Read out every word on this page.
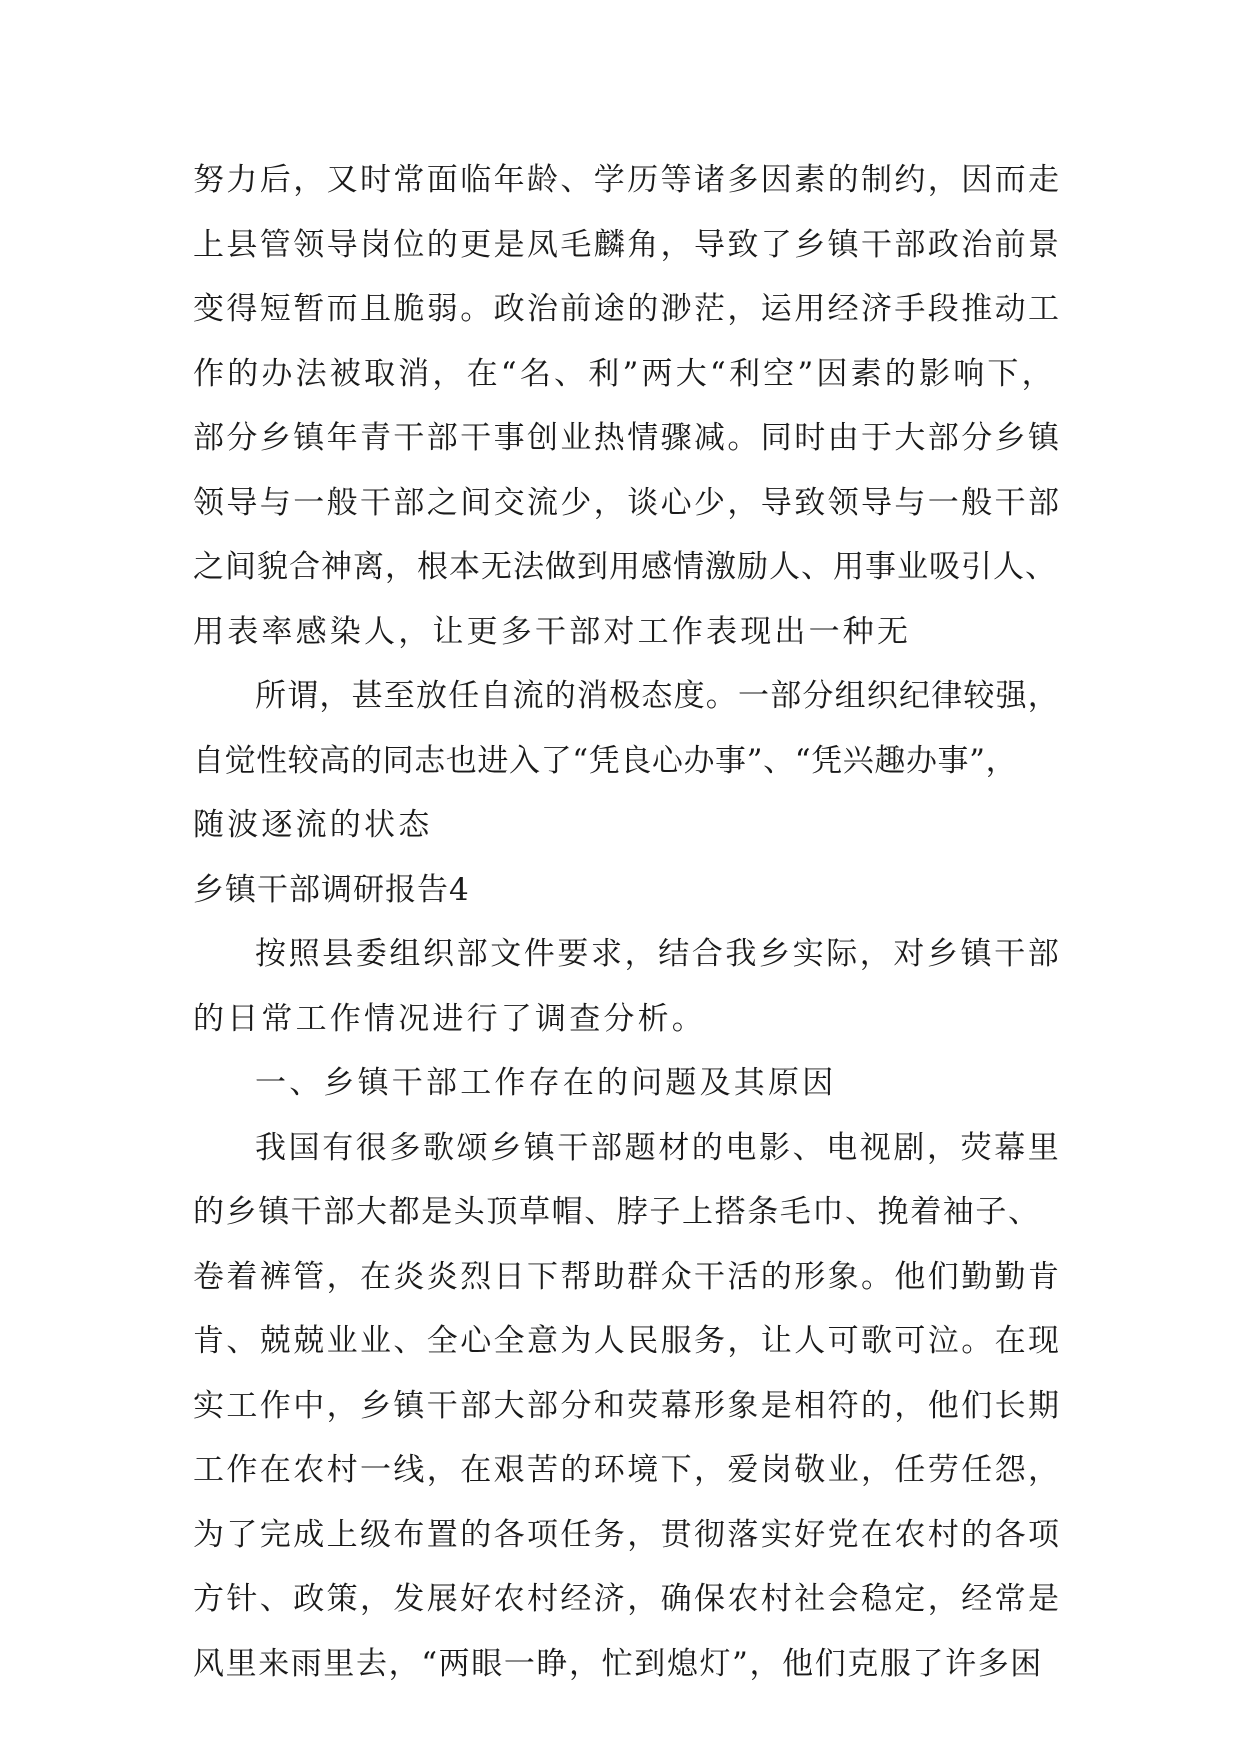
努力后，又时常面临年龄、学历等诸多因素的制约，因而走
上县管领导岗位的更是凤毛麟角，导致了乡镇干部政治前景
变得短暂而且脆弱。政治前途的渺茫，运用经济手段推动工
作的办法被取消，在“名、利”两大“利空”因素的影响下，
部分乡镇年青干部干事创业热情骤减。同时由于大部分乡镇
领导与一般干部之间交流少，谈心少，导致领导与一般干部
之间貌合神离，根本无法做到用感情激励人、用事业吸引人、
用表率感染人，让更多干部对工作表现出一种无
所谓，甚至放任自流的消极态度。一部分组织纪律较强，
自觉性较高的同志也进入了“凭良心办事”、“凭兴趣办事”，
随波逐流的状态
乡镇干部调研报告4
按照县委组织部文件要求，结合我乡实际，对乡镇干部
的日常工作情况进行了调查分析。
一、乡镇干部工作存在的问题及其原因
我国有很多歌颂乡镇干部题材的电影、电视剧，荧幕里
的乡镇干部大都是头顶草帽、脖子上搭条毛巾、挽着袖子、
卷着裤管，在炎炎烈日下帮助群众干活的形象。他们勤勤肯
肯、兢兢业业、全心全意为人民服务，让人可歌可泣。在现
实工作中，乡镇干部大部分和荧幕形象是相符的，他们长期
工作在农村一线，在艰苦的环境下，爱岗敬业，任劳任怨，
为了完成上级布置的各项任务，贯彻落实好党在农村的各项
方针、政策，发展好农村经济，确保农村社会稳定，经常是
风里来雨里去，“两眼一睁，忙到熄灯”，他们克服了许多困
